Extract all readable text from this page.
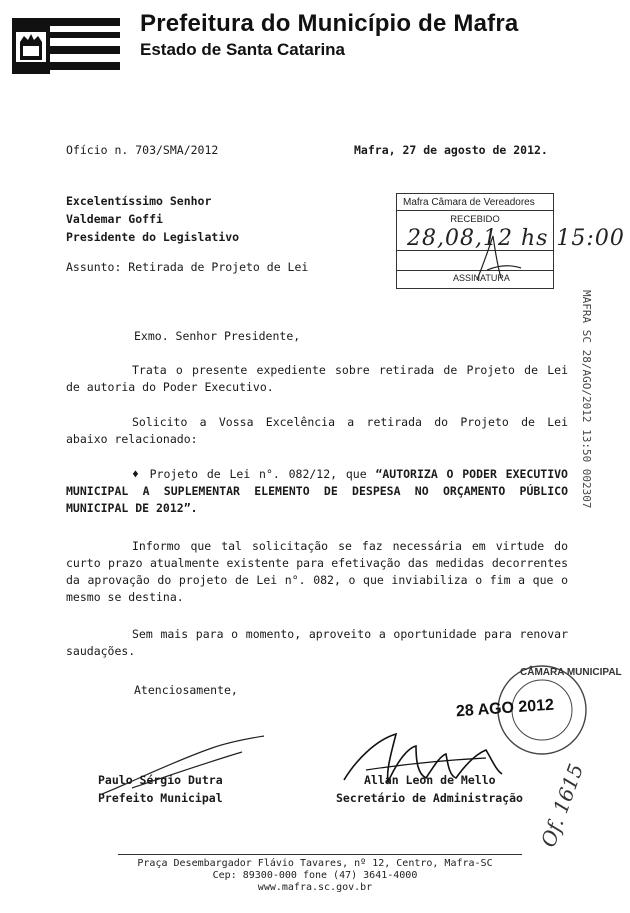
Prefeitura do Município de Mafra
Estado de Santa Catarina
Ofício n. 703/SMA/2012	Mafra, 27 de agosto de 2012.
Excelentíssimo Senhor
Valdemar Goffi
Presidente do Legislativo
Assunto: Retirada de Projeto de Lei
Mafra Câmara de Vereadores
RECEBIDO
28,08,12 hs 15:00
ASSINATURA
MAFRA SC 28/AGO/2012 13:50 002307
Exmo. Senhor Presidente,
Trata o presente expediente sobre retirada de Projeto de Lei de autoria do Poder Executivo.
Solicito a Vossa Excelência a retirada do Projeto de Lei abaixo relacionado:
♦ Projeto de Lei n°. 082/12, que “AUTORIZA O PODER EXECUTIVO MUNICIPAL A SUPLEMENTAR ELEMENTO DE DESPESA NO ORÇAMENTO PÚBLICO MUNICIPAL DE 2012”.
Informo que tal solicitação se faz necessária em virtude do curto prazo atualmente existente para efetivação das medidas decorrentes da aprovação do projeto de Lei n°. 082, o que inviabiliza o fim a que o mesmo se destina.
Sem mais para o momento, aproveito a oportunidade para renovar saudações.
Atenciosamente,
CÂMARA MUNICIPAL
28 AGO 2012
Paulo Sérgio Dutra
Prefeito Municipal
Allan Leon de Mello
Secretário de Administração Of. 1615
Praça Desembargador Flávio Tavares, nº 12, Centro, Mafra-SC
Cep: 89300-000 fone (47) 3641-4000
www.mafra.sc.gov.br
